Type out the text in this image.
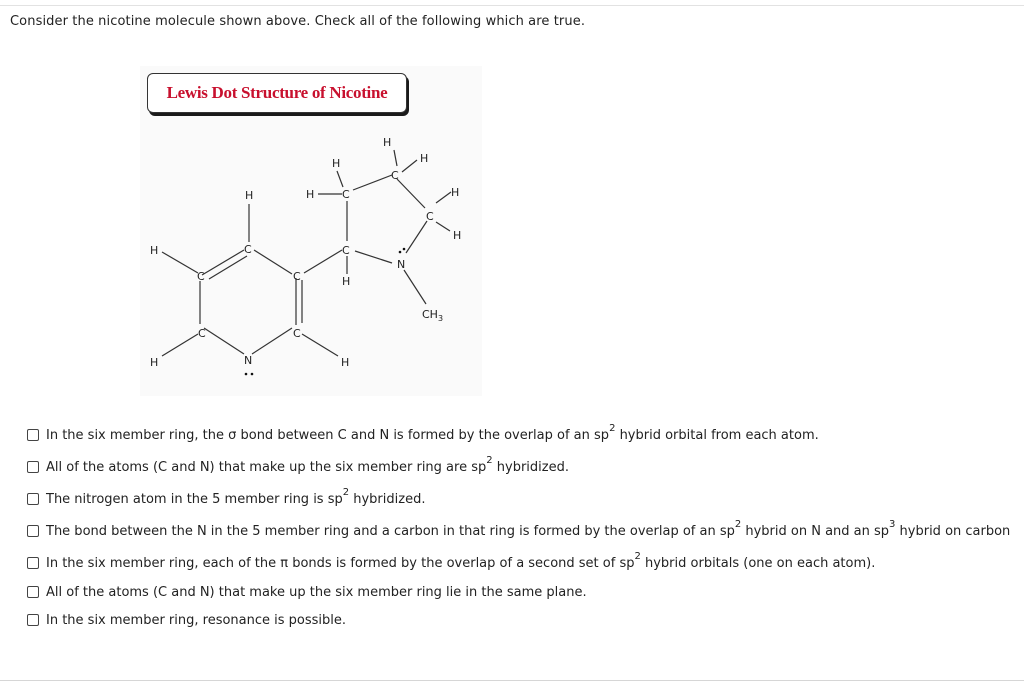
Consider the nicotine molecule shown above. Check all of the following which are true.
H
C
H
C
C
H	N
C
C
H
C
H
H	C
H
H
C
H
C
H
H
N
$CH_3$
Lewis Dot Structure of Nicotine
In the six member ring, the σ bond between C and N is formed by the overlap of an $sp^2$ hybrid orbital from each atom.
All of the atoms (C and N) that make up the six member ring are $sp^2$ hybridized.
The nitrogen atom in the 5 member ring is $sp^2$ hybridized.
The bond between the N in the 5 member ring and a carbon in that ring is formed by the overlap of an $sp^2$ hybrid on N and an $sp^3$ hybrid on carbon
In the six member ring, each of the π bonds is formed by the overlap of a second set of $sp^2$ hybrid orbitals (one on each atom).
All of the atoms (C and N) that make up the six member ring lie in the same plane.
In the six member ring, resonance is possible.
